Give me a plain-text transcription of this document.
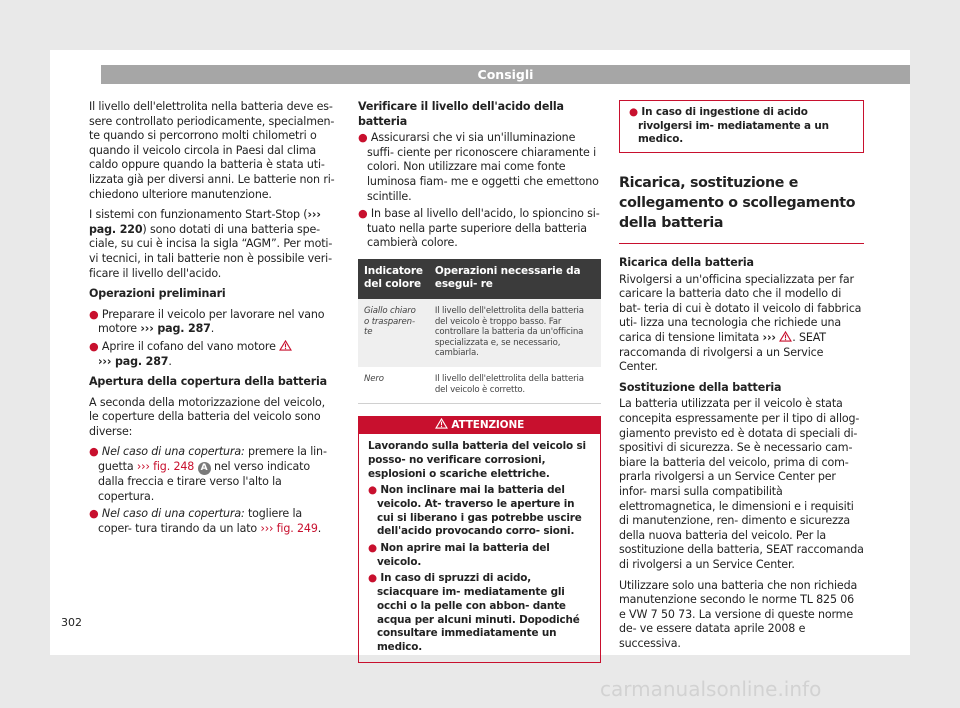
Consigli

Il livello dell'elettrolita nella batteria deve es- sere controllato periodicamente, specialmen- te quando si percorrono molti chilometri o quando il veicolo circola in Paesi dal clima caldo oppure quando la batteria è stata uti- lizzata già per diversi anni. Le batterie non ri- chiedono ulteriore manutenzione.

I sistemi con funzionamento Start-Stop (››› pag. 220) sono dotati di una batteria spe- ciale, su cui è incisa la sigla “AGM”. Per moti- vi tecnici, in tali batterie non è possibile veri- ficare il livello dell'acido.

Operazioni preliminari

● Preparare il veicolo per lavorare nel vano motore ››› pag. 287.
● Aprire il cofano del vano motore
››› pag. 287.

Apertura della copertura della batteria

A seconda della motorizzazione del veicolo, le coperture della batteria del veicolo sono diverse:

● Nel caso di una copertura: premere la lin- guetta ››› fig. 248 A nel verso indicato dalla freccia e tirare verso l'alto la copertura.
● Nel caso di una copertura: togliere la coper- tura tirando da un lato ››› fig. 249.

Verificare il livello dell'acido della batteria

● Assicurarsi che vi sia un'illuminazione suffi- ciente per riconoscere chiaramente i colori. Non utilizzare mai come fonte luminosa fiam- me e oggetti che emettono scintille.
● In base al livello dell'acido, lo spioncino si- tuato nella parte superiore della batteria cambierà colore.
Indicatore del colore	Operazioni necessarie da esegui- re
Giallo chiaro o trasparen- te	Il livello dell'elettrolita della batteria del veicolo è troppo basso. Far controllare la batteria da un'officina specializzata e, se necessario, cambiarla.
Nero	Il livello dell'elettrolita della batteria del veicolo è corretto.
ATTENZIONE

Lavorando sulla batteria del veicolo si posso- no verificare corrosioni, esplosioni o scariche elettriche.

● Non inclinare mai la batteria del veicolo. At- traverso le aperture in cui si liberano i gas potrebbe uscire dell'acido provocando corro- sioni.
● Non aprire mai la batteria del veicolo.
● In caso di spruzzi di acido, sciacquare im- mediatamente gli occhi o la pelle con abbon- dante acqua per alcuni minuti. Dopodiché consultare immediatamente un medico.
● In caso di ingestione di acido rivolgersi im- mediatamente a un medico.
Ricarica, sostituzione e collegamento o scollegamento della batteria

Ricarica della batteria

Rivolgersi a un'officina specializzata per far caricare la batteria dato che il modello di bat- teria di cui è dotato il veicolo di fabbrica uti- lizza una tecnologia che richiede una carica di tensione limitata ››› . SEAT raccomanda di rivolgersi a un Service Center.

Sostituzione della batteria

La batteria utilizzata per il veicolo è stata concepita espressamente per il tipo di allog- giamento previsto ed è dotata di speciali di- spositivi di sicurezza. Se è necessario cam- biare la batteria del veicolo, prima di com- prarla rivolgersi a un Service Center per infor- marsi sulla compatibilità elettromagnetica, le dimensioni e i requisiti di manutenzione, ren- dimento e sicurezza della nuova batteria del veicolo. Per la sostituzione della batteria, SEAT raccomanda di rivolgersi a un Service Center.

Utilizzare solo una batteria che non richieda manutenzione secondo le norme TL 825 06 e VW 7 50 73. La versione di queste norme de- ve essere datata aprile 2008 e successiva.

302
carmanualsonline.info
